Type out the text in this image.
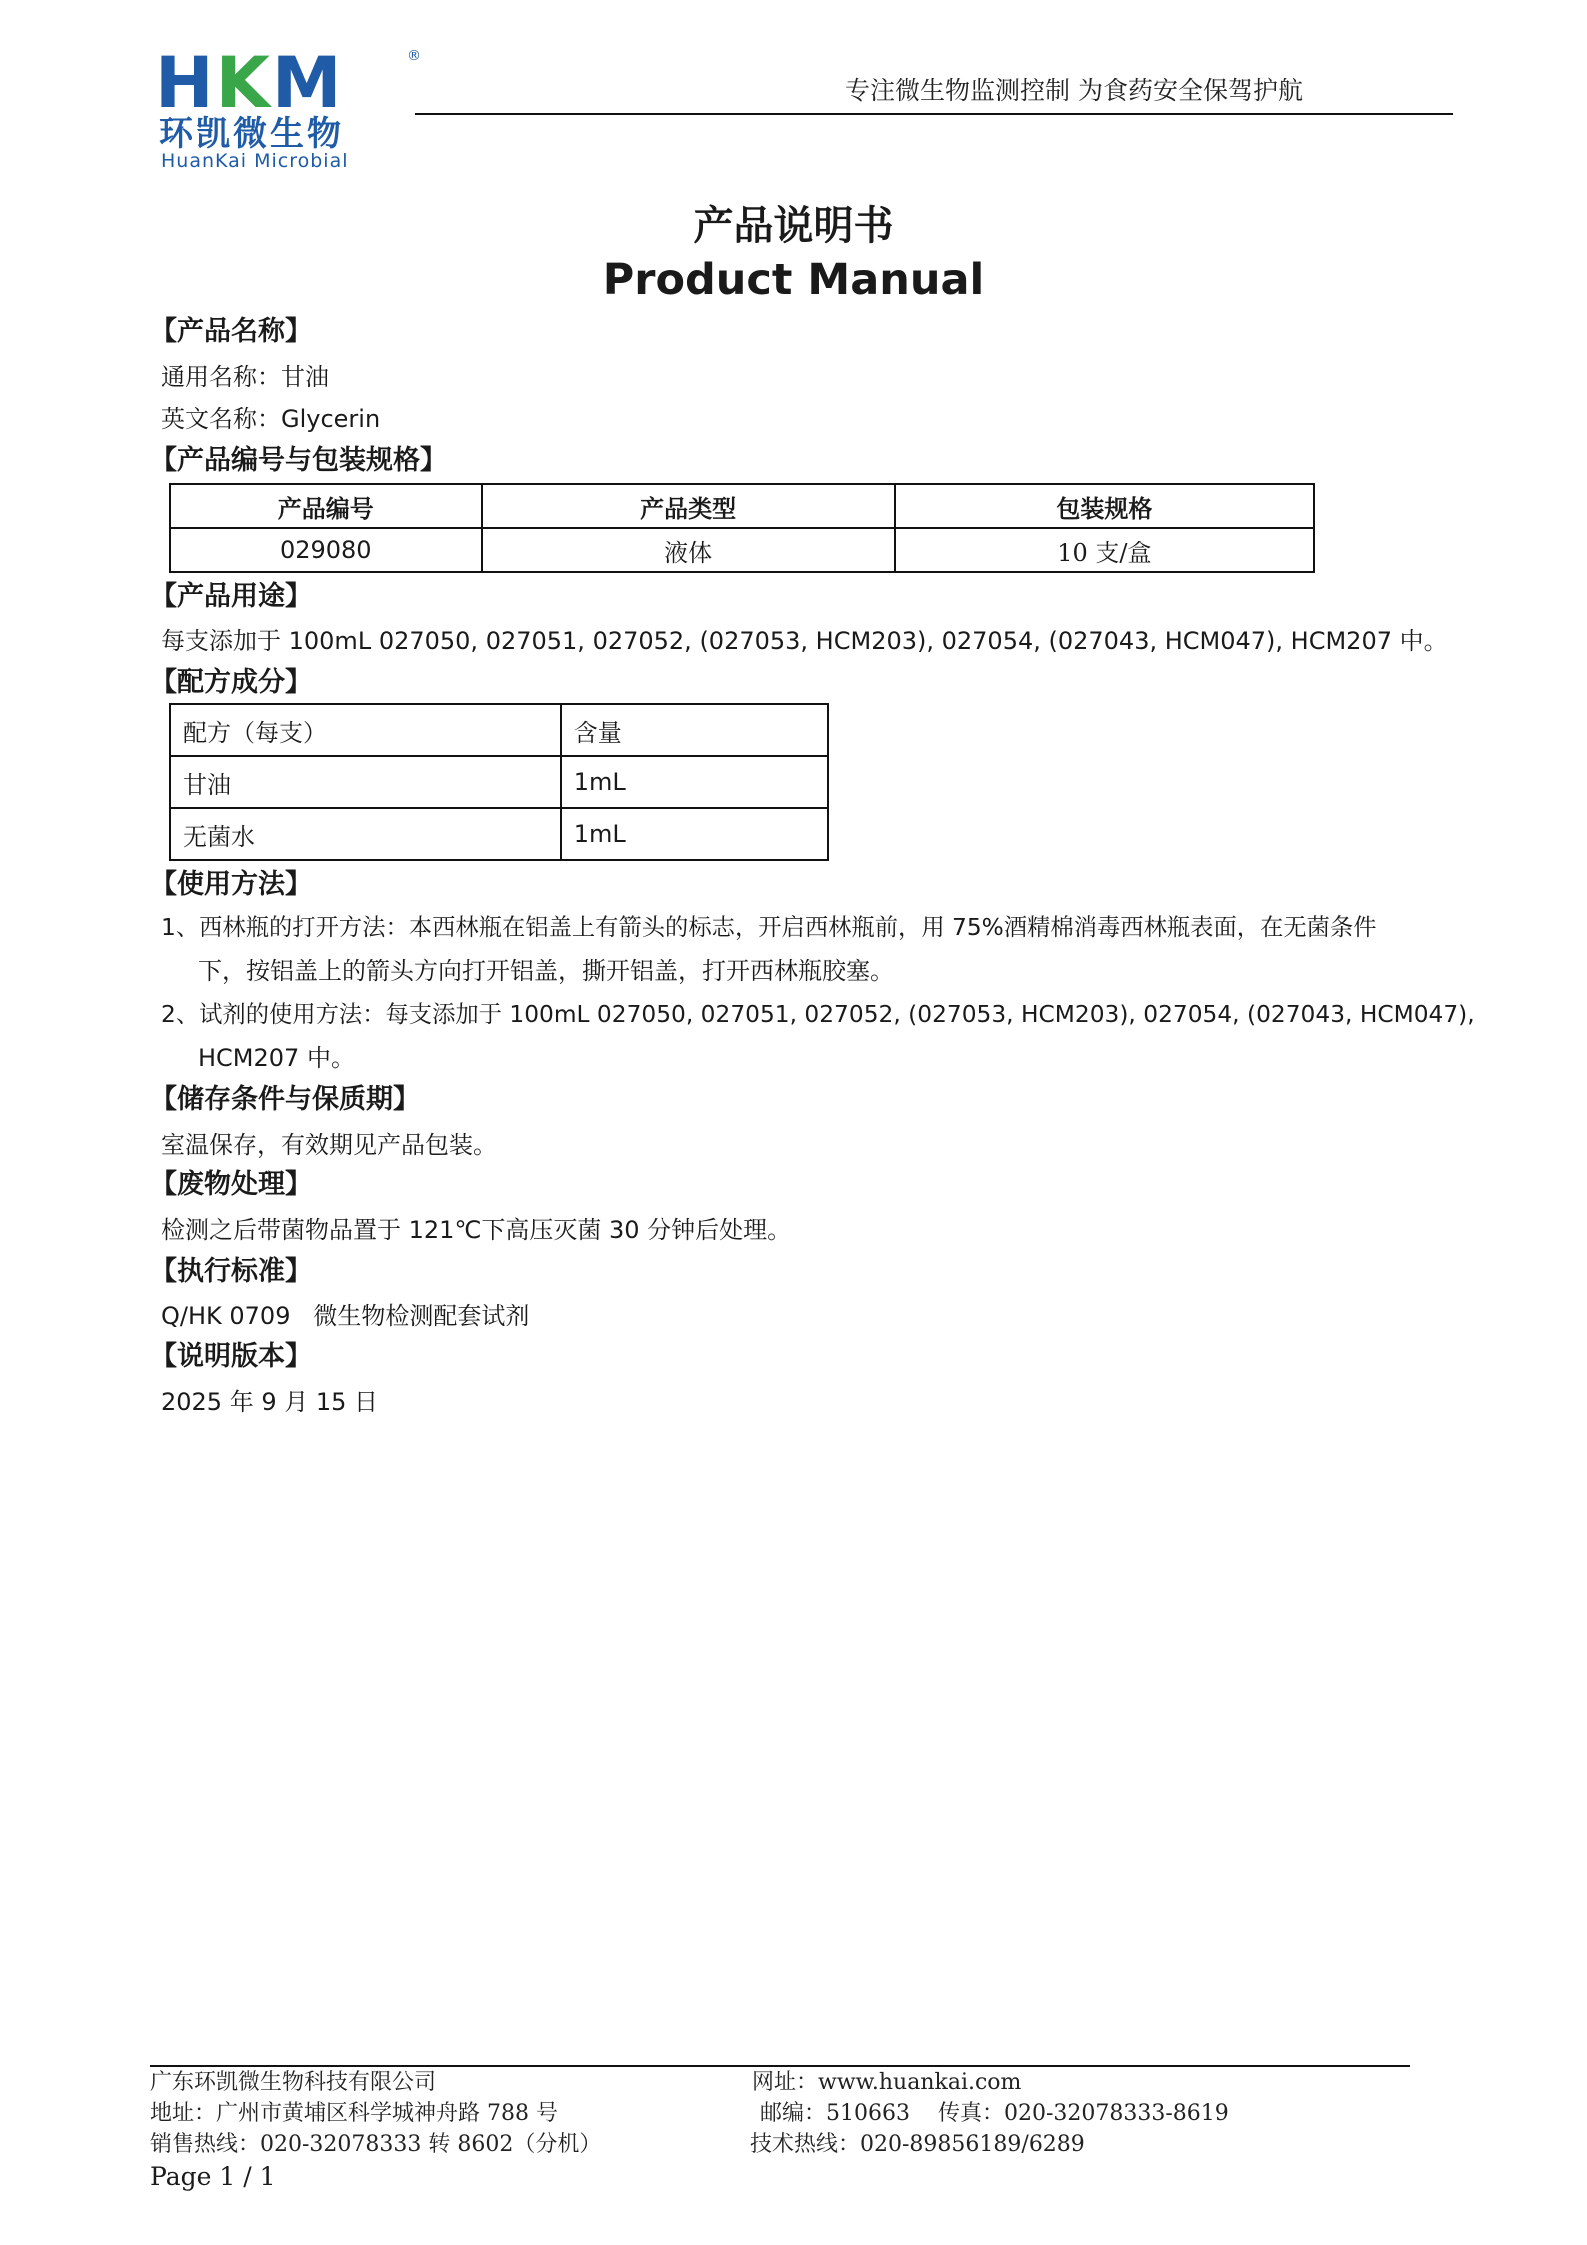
HKM	®
环凯微生物
HuanKai Microbial
专注微生物监测控制 为食药安全保驾护航
产品说明书
Product Manual
【产品名称】
通用名称：甘油
英文名称：Glycerin
【产品编号与包装规格】
产品编号	产品类型	包装规格
029080	液体	10 支/盒
【产品用途】
每支添加于 100mL 027050, 027051, 027052, (027053, HCM203), 027054, (027043, HCM047), HCM207 中。
【配方成分】
配方（每支）	含量
甘油	1mL
无菌水	1mL
【使用方法】
1、西林瓶的打开方法：本西林瓶在铝盖上有箭头的标志，开启西林瓶前，用 75%酒精棉消毒西林瓶表面，在无菌条件
下，按铝盖上的箭头方向打开铝盖，撕开铝盖，打开西林瓶胶塞。
2、试剂的使用方法：每支添加于 100mL 027050, 027051, 027052, (027053, HCM203), 027054, (027043, HCM047),
HCM207 中。
【储存条件与保质期】
室温保存，有效期见产品包装。
【废物处理】
检测之后带菌物品置于 121℃下高压灭菌 30 分钟后处理。
【执行标准】
Q/HK 0709   微生物检测配套试剂
【说明版本】
2025 年 9 月 15 日
广东环凯微生物科技有限公司
地址：广州市黄埔区科学城神舟路 788 号
销售热线：020-32078333 转 8602（分机）
网址：www.huankai.com
邮编：510663    传真：020-32078333-8619
技术热线：020-89856189/6289
Page 1 / 1
